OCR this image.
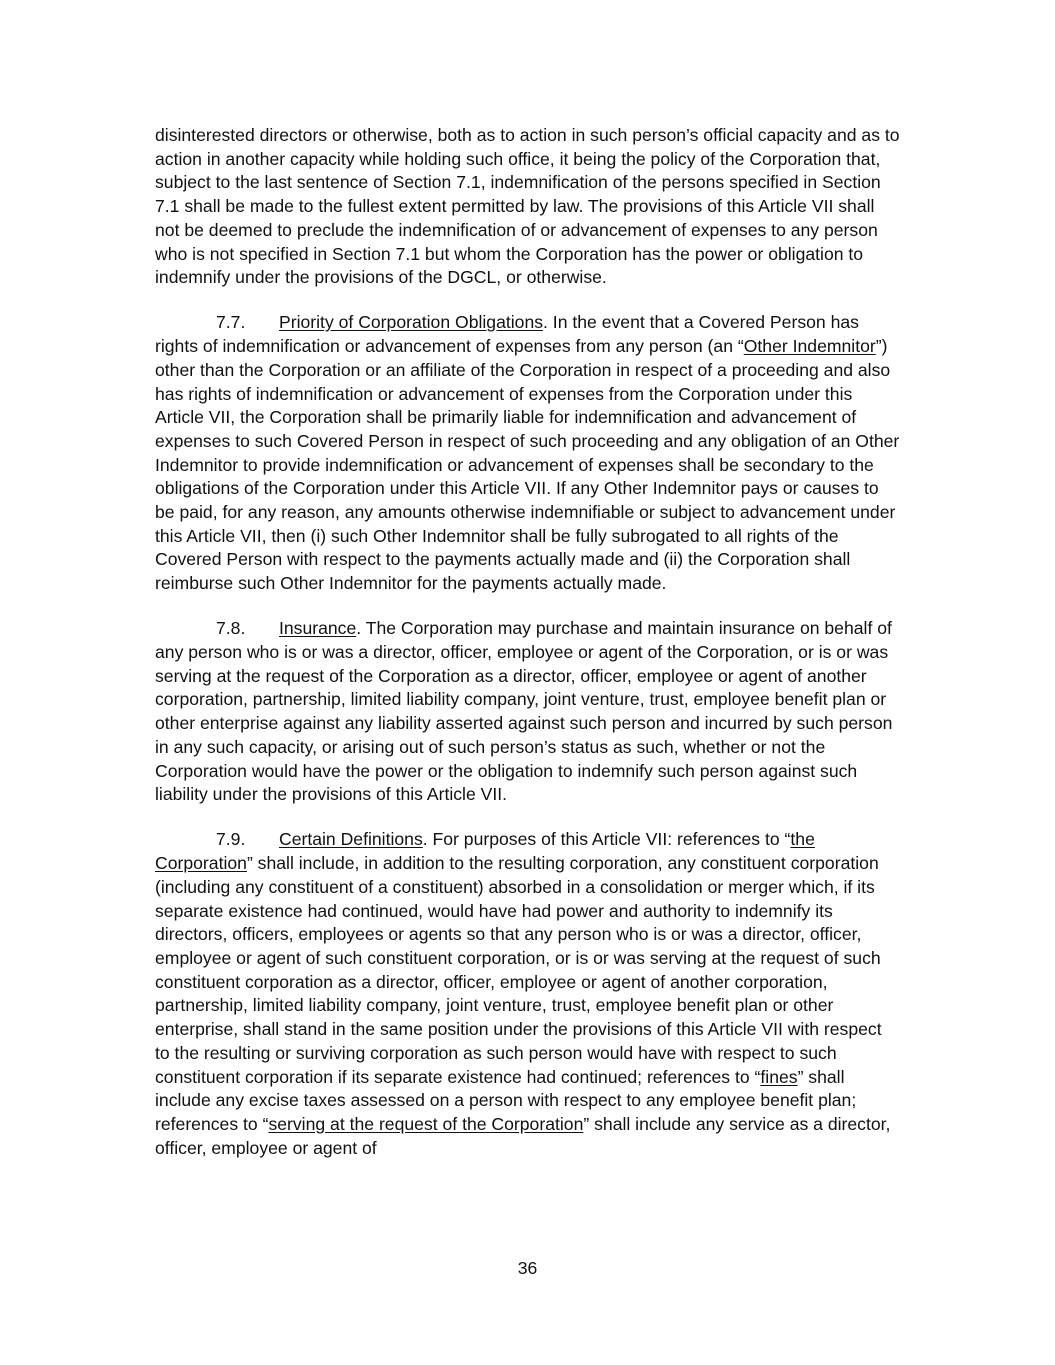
disinterested directors or otherwise, both as to action in such person’s official capacity and as to action in another capacity while holding such office, it being the policy of the Corporation that, subject to the last sentence of Section 7.1, indemnification of the persons specified in Section 7.1 shall be made to the fullest extent permitted by law. The provisions of this Article VII shall not be deemed to preclude the indemnification of or advancement of expenses to any person who is not specified in Section 7.1 but whom the Corporation has the power or obligation to indemnify under the provisions of the DGCL, or otherwise.

7.7. Priority of Corporation Obligations. In the event that a Covered Person has rights of indemnification or advancement of expenses from any person (an “Other Indemnitor”) other than the Corporation or an affiliate of the Corporation in respect of a proceeding and also has rights of indemnification or advancement of expenses from the Corporation under this Article VII, the Corporation shall be primarily liable for indemnification and advancement of expenses to such Covered Person in respect of such proceeding and any obligation of an Other Indemnitor to provide indemnification or advancement of expenses shall be secondary to the obligations of the Corporation under this Article VII. If any Other Indemnitor pays or causes to be paid, for any reason, any amounts otherwise indemnifiable or subject to advancement under this Article VII, then (i) such Other Indemnitor shall be fully subrogated to all rights of the Covered Person with respect to the payments actually made and (ii) the Corporation shall reimburse such Other Indemnitor for the payments actually made.

7.8. Insurance. The Corporation may purchase and maintain insurance on behalf of any person who is or was a director, officer, employee or agent of the Corporation, or is or was serving at the request of the Corporation as a director, officer, employee or agent of another corporation, partnership, limited liability company, joint venture, trust, employee benefit plan or other enterprise against any liability asserted against such person and incurred by such person in any such capacity, or arising out of such person’s status as such, whether or not the Corporation would have the power or the obligation to indemnify such person against such liability under the provisions of this Article VII.

7.9. Certain Definitions. For purposes of this Article VII: references to “the Corporation” shall include, in addition to the resulting corporation, any constituent corporation (including any constituent of a constituent) absorbed in a consolidation or merger which, if its separate existence had continued, would have had power and authority to indemnify its directors, officers, employees or agents so that any person who is or was a director, officer, employee or agent of such constituent corporation, or is or was serving at the request of such constituent corporation as a director, officer, employee or agent of another corporation, partnership, limited liability company, joint venture, trust, employee benefit plan or other enterprise, shall stand in the same position under the provisions of this Article VII with respect to the resulting or surviving corporation as such person would have with respect to such constituent corporation if its separate existence had continued; references to “fines” shall include any excise taxes assessed on a person with respect to any employee benefit plan; references to “serving at the request of the Corporation” shall include any service as a director, officer, employee or agent of

36
